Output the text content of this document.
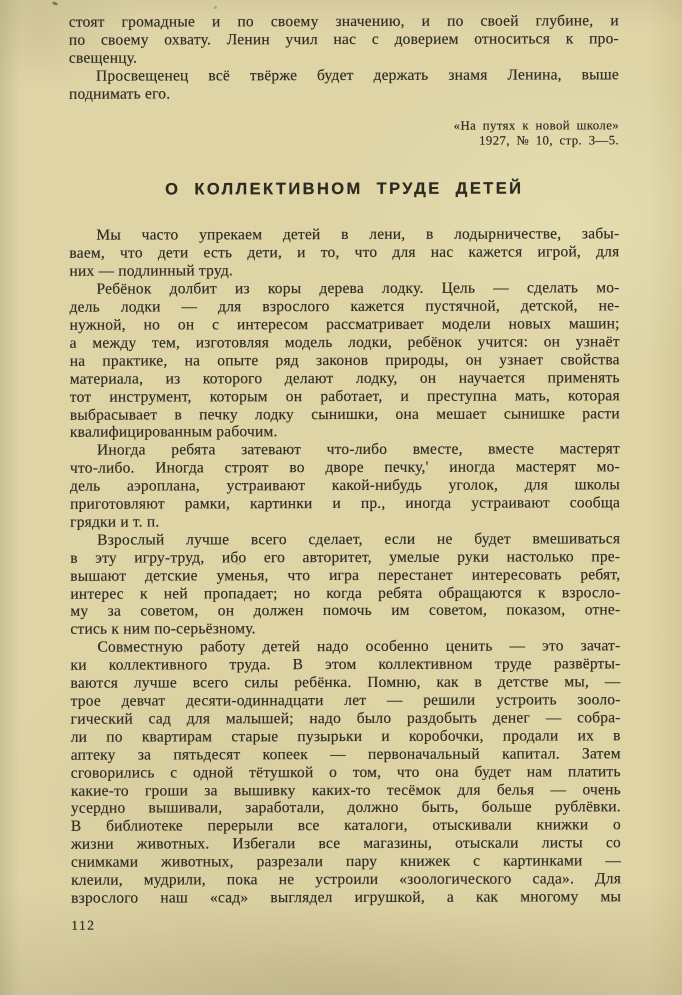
стоят громадные и по своему значению, и по своей глубине, и
по своему охвату. Ленин учил нас с доверием относиться к про-
свещенцу.
Просвещенец всё твёрже будет держать знамя Ленина, выше
поднимать его.
«На путях к новой школе»
1927, № 10, стр. 3—5.
О КОЛЛЕКТИВНОМ ТРУДЕ ДЕТЕЙ
Мы часто упрекаем детей в лени, в лодырничестве, забы-
ваем, что дети есть дети, и то, что для нас кажется игрой, для
них — подлинный труд.
Ребёнок долбит из коры дерева лодку. Цель — сделать мо-
дель лодки — для взрослого кажется пустячной, детской, не-
нужной, но он с интересом рассматривает модели новых машин;
а между тем, изготовляя модель лодки, ребёнок учится: он узнаёт
на практике, на опыте ряд законов природы, он узнает свойства
материала, из которого делают лодку, он научается применять
тот инструмент, которым он работает, и преступна мать, которая
выбрасывает в печку лодку сынишки, она мешает сынишке расти
квалифицированным рабочим.
Иногда ребята затевают что-либо вместе, вместе мастерят
что-либо. Иногда строят во дворе печку,' иногда мастерят мо-
дель аэроплана, устраивают какой-нибудь уголок, для школы
приготовляют рамки, картинки и пр., иногда устраивают сообща
грядки и т. п.
Взрослый лучше всего сделает, если не будет вмешиваться
в эту игру-труд, ибо его авторитет, умелые руки настолько пре-
вышают детские уменья, что игра перестанет интересовать ребят,
интерес к ней пропадает; но когда ребята обращаются к взросло-
му за советом, он должен помочь им советом, показом, отне-
стись к ним по-серьёзному.
Совместную работу детей надо особенно ценить — это зачат-
ки коллективного труда. В этом коллективном труде развёрты-
ваются лучше всего силы ребёнка. Помню, как в детстве мы, —
трое девчат десяти-одиннадцати лет — решили устроить зооло-
гический сад для малышей; надо было раздобыть денег — собра-
ли по квартирам старые пузырьки и коробочки, продали их в
аптеку за пятьдесят копеек — первоначальный капитал. Затем
сговорились с одной тётушкой о том, что она будет нам платить
какие-то гроши за вышивку каких-то тесёмок для белья — очень
усердно вышивали, заработали, должно быть, больше рублёвки.
В библиотеке перерыли все каталоги, отыскивали книжки о
жизни животных. Избегали все магазины, отыскали листы со
снимками животных, разрезали пару книжек с картинками —
клеили, мудрили, пока не устроили «зоологического сада». Для
взрослого наш «сад» выглядел игрушкой, а как многому мы
112
